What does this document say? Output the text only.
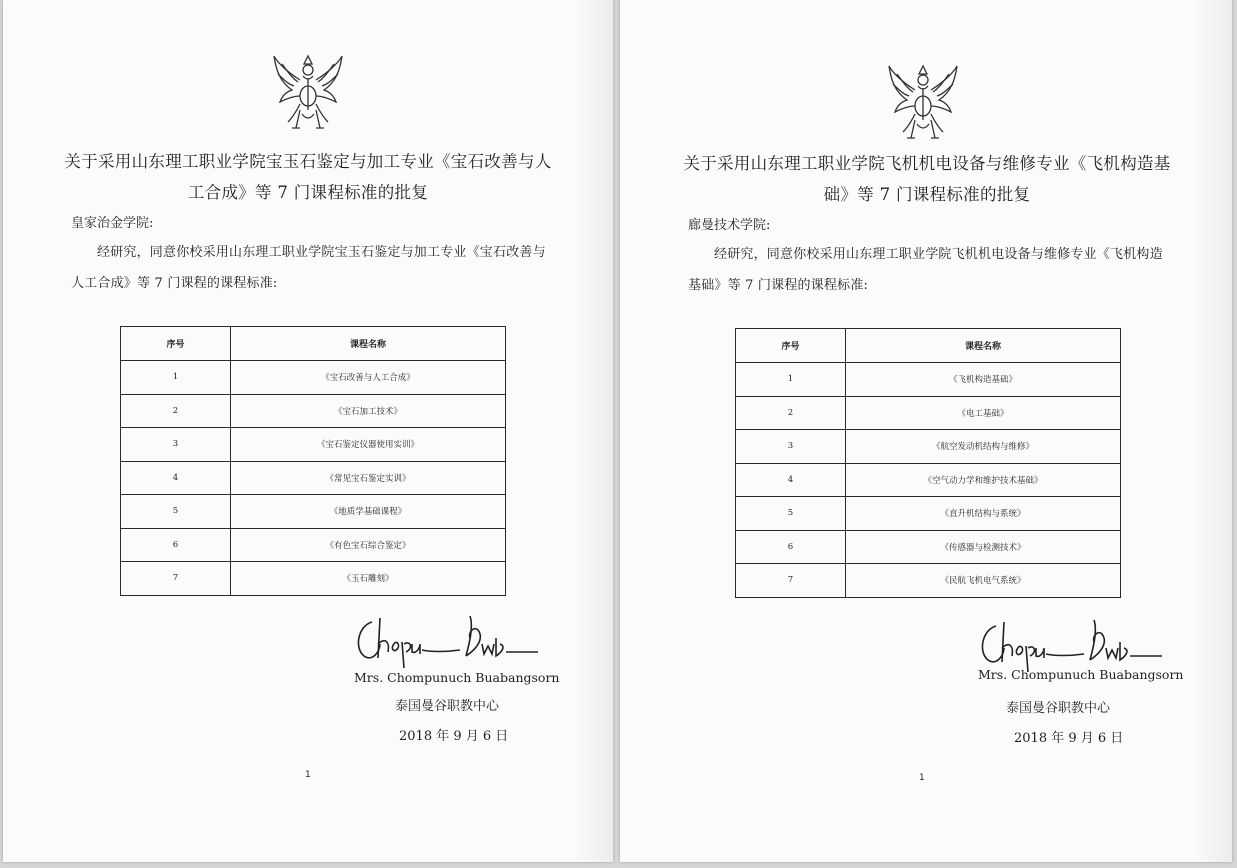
关于采用山东理工职业学院宝玉石鉴定与加工专业《宝石改善与人工合成》等 7 门课程标准的批复
皇家治金学院:
经研究，同意你校采用山东理工职业学院宝玉石鉴定与加工专业《宝石改善与人工合成》等 7 门课程的课程标准:
序号	课程名称
1	《宝石改善与人工合成》
2	《宝石加工技术》
3	《宝石鉴定仪器使用实训》
4	《常见宝石鉴定实训》
5	《地质学基础课程》
6	《有色宝石综合鉴定》
7	《玉石雕刻》
Mrs. Chompunuch Buabangsorn
泰国曼谷职教中心
2018 年 9 月 6 日
1
关于采用山东理工职业学院飞机机电设备与维修专业《飞机构造基础》等 7 门课程标准的批复
廊曼技术学院:
经研究，同意你校采用山东理工职业学院飞机机电设备与维修专业《飞机构造基础》等 7 门课程的课程标准:
序号	课程名称
1	《飞机构造基础》
2	《电工基础》
3	《航空发动机结构与维修》
4	《空气动力学和维护技术基础》
5	《直升机结构与系统》
6	《传感器与检测技术》
7	《民航飞机电气系统》
Mrs. Chompunuch Buabangsorn
泰国曼谷职教中心
2018 年 9 月 6 日
1
